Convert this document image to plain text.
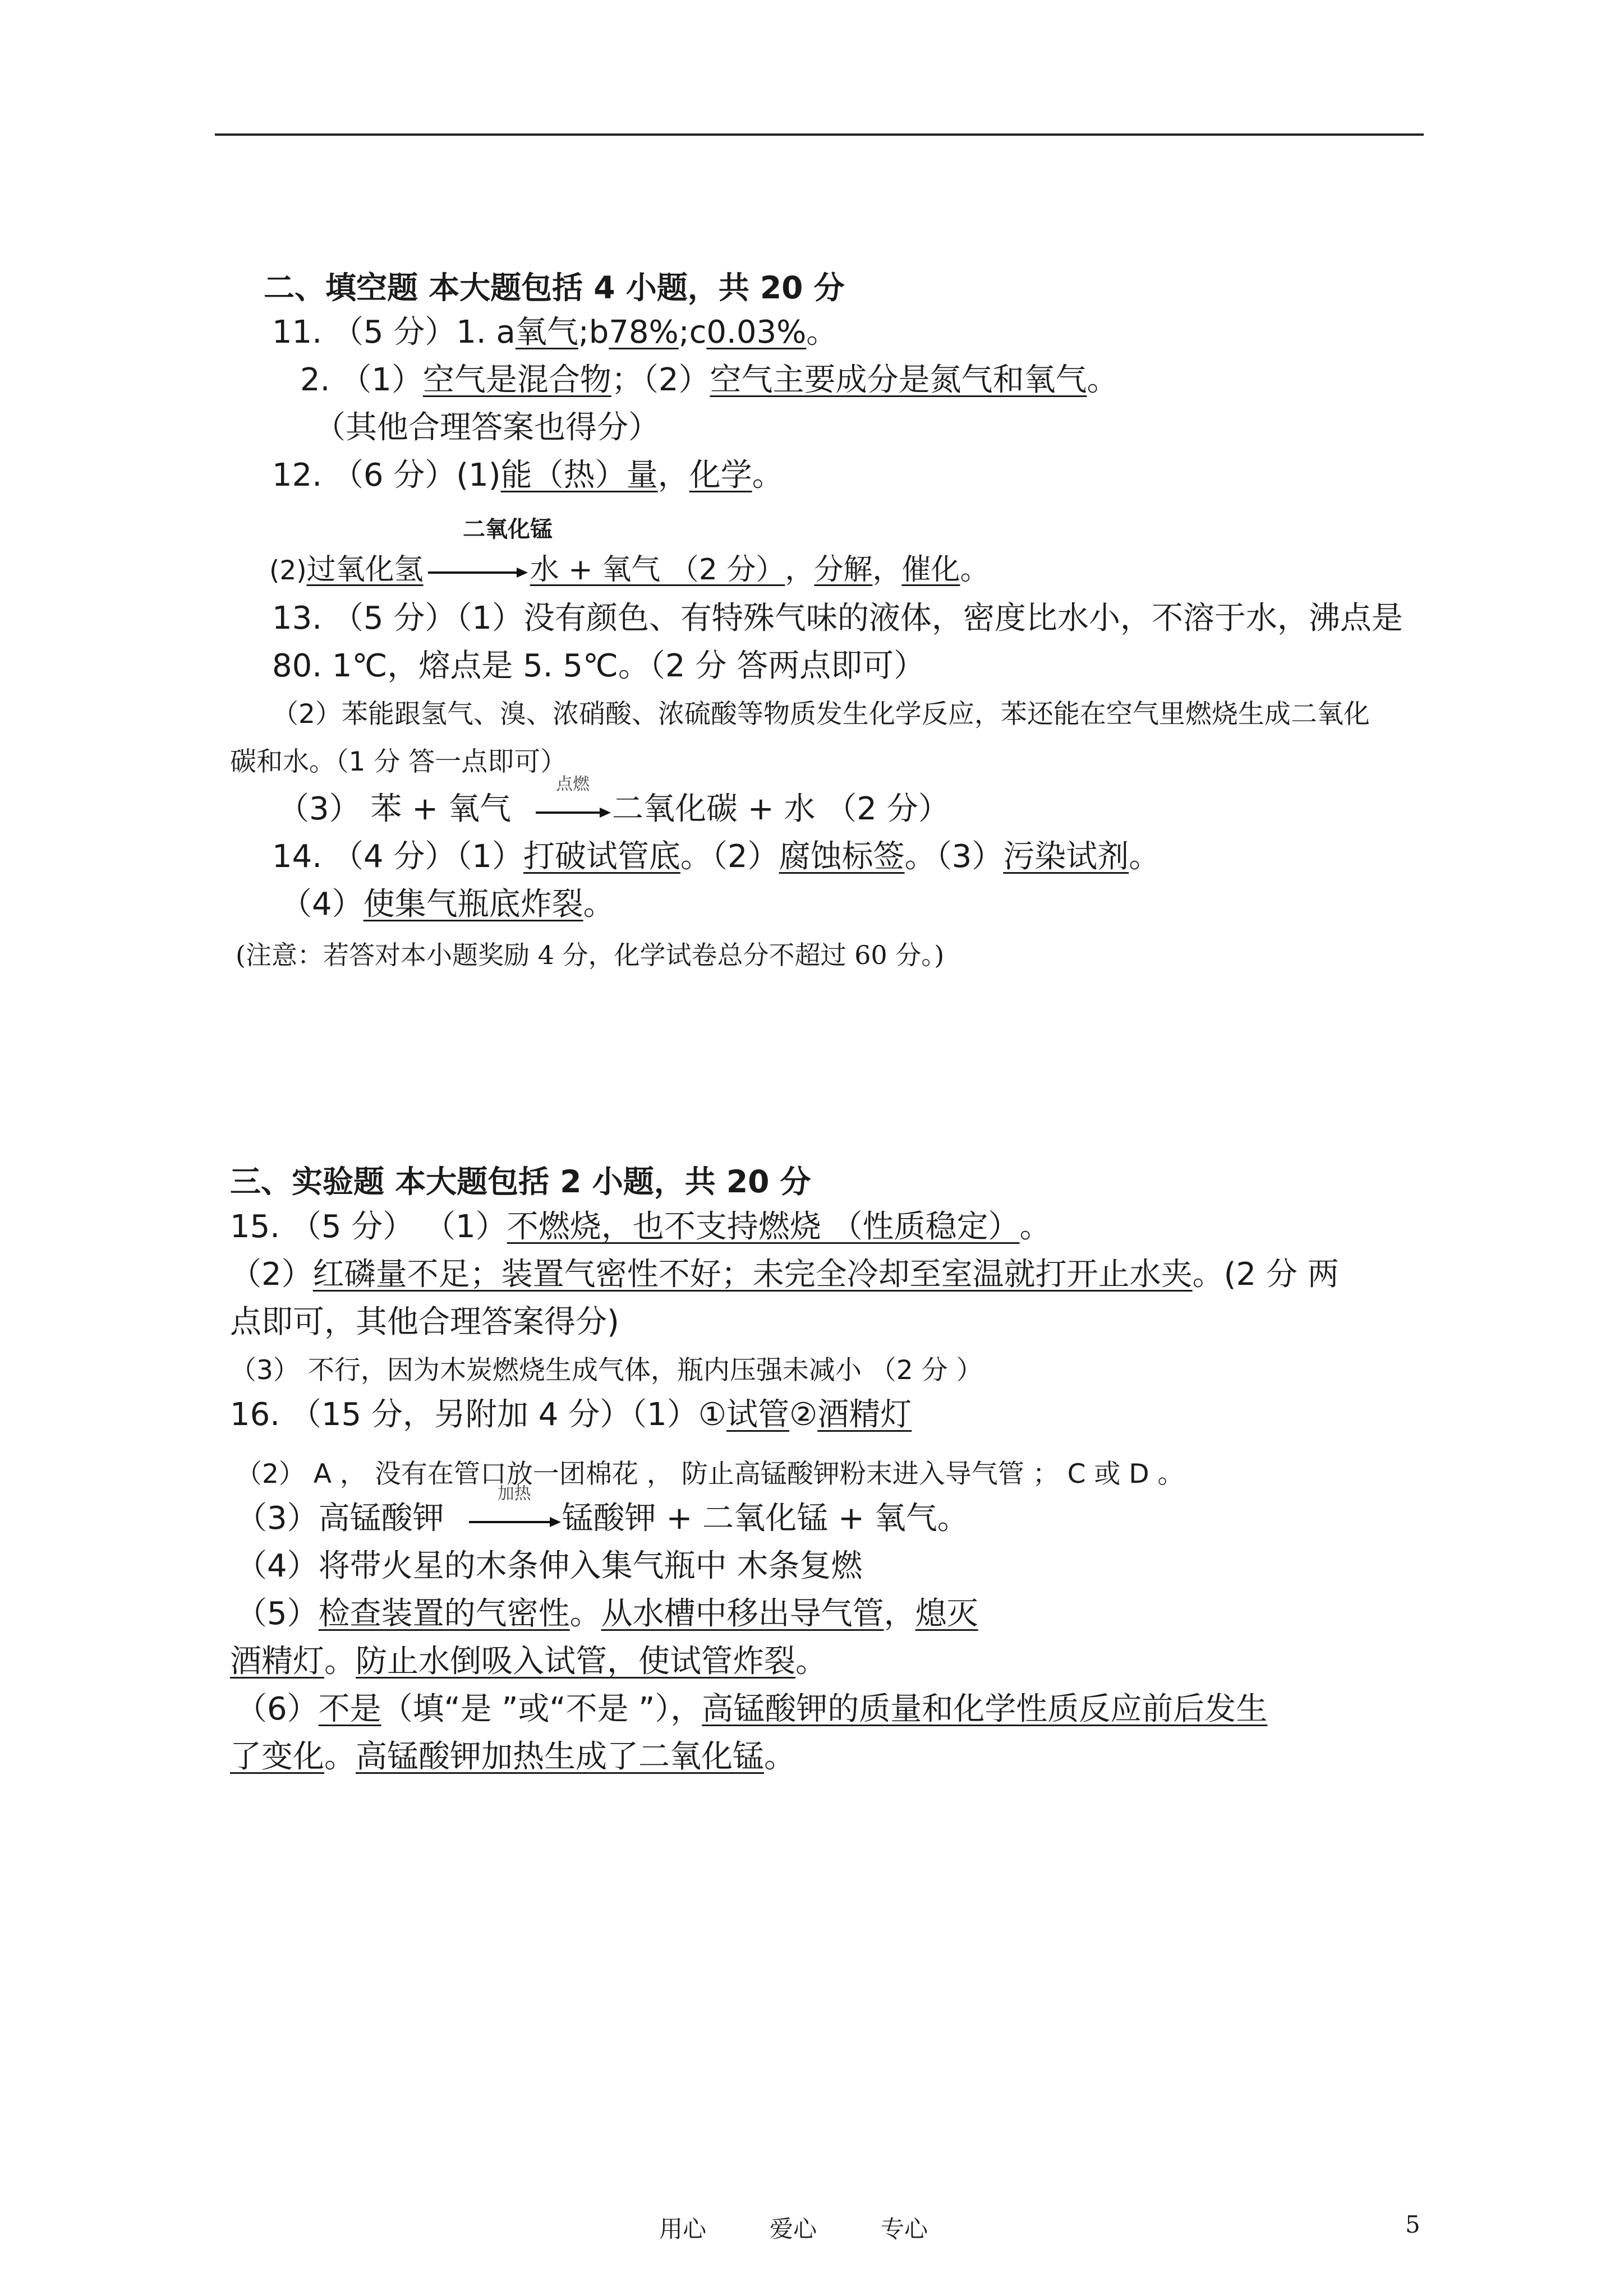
二、填空题 本大题包括 4 小题，共 20 分
11. （5 分）1. a氧气;b78%;c0.03%。
2. （1）空气是混合物；（2）空气主要成分是氮气和氧气。
（其他合理答案也得分）
12. （6 分）(1)能（热）量，化学。
二氧化锰
(2)过氧化氢→ 水 + 氧气 （2 分），分解，催化。
13. （5 分）（1）没有颜色、有特殊气味的液体，密度比水小，不溶于水，沸点是
80. 1℃，熔点是 5. 5℃。（2 分 答两点即可）
（2）苯能跟氢气、溴、浓硝酸、浓硫酸等物质发生化学反应，苯还能在空气里燃烧生成二氧化
碳和水。（1 分 答一点即可）
（3） 苯 + 氧气
点燃
二氧化碳 + 水 （2 分）
14. （4 分）（1）打破试管底。（2）腐蚀标签。（3）污染试剂。
（4）使集气瓶底炸裂。
(注意：若答对本小题奖励 4 分，化学试卷总分不超过 60 分。)
三、实验题 本大题包括 2 小题，共 20 分
15. （5 分） （1）不燃烧，也不支持燃烧 （性质稳定）。
（2）红磷量不足；装置气密性不好；未完全冷却至室温就打开止水夹。(2 分 两
点即可，其他合理答案得分)
（3） 不行，因为木炭燃烧生成气体，瓶内压强未减小 （2 分 ）
16. （15 分，另附加 4 分）（1）①试管②酒精灯
（2） A ， 没有在管口放一团棉花 ， 防止高锰酸钾粉末进入导气管 ； C 或 D 。
（3）高锰酸钾
加热
锰酸钾 + 二氧化锰 + 氧气。
（4）将带火星的木条伸入集气瓶中 木条复燃
（5）检查装置的气密性。从水槽中移出导气管，熄灭
酒精灯。防止水倒吸入试管，使试管炸裂。
（6）不是（填“是 ”或“不是 ”），高锰酸钾的质量和化学性质反应前后发生
了变化。高锰酸钾加热生成了二氧化锰。
用心	爱心	专心	5
